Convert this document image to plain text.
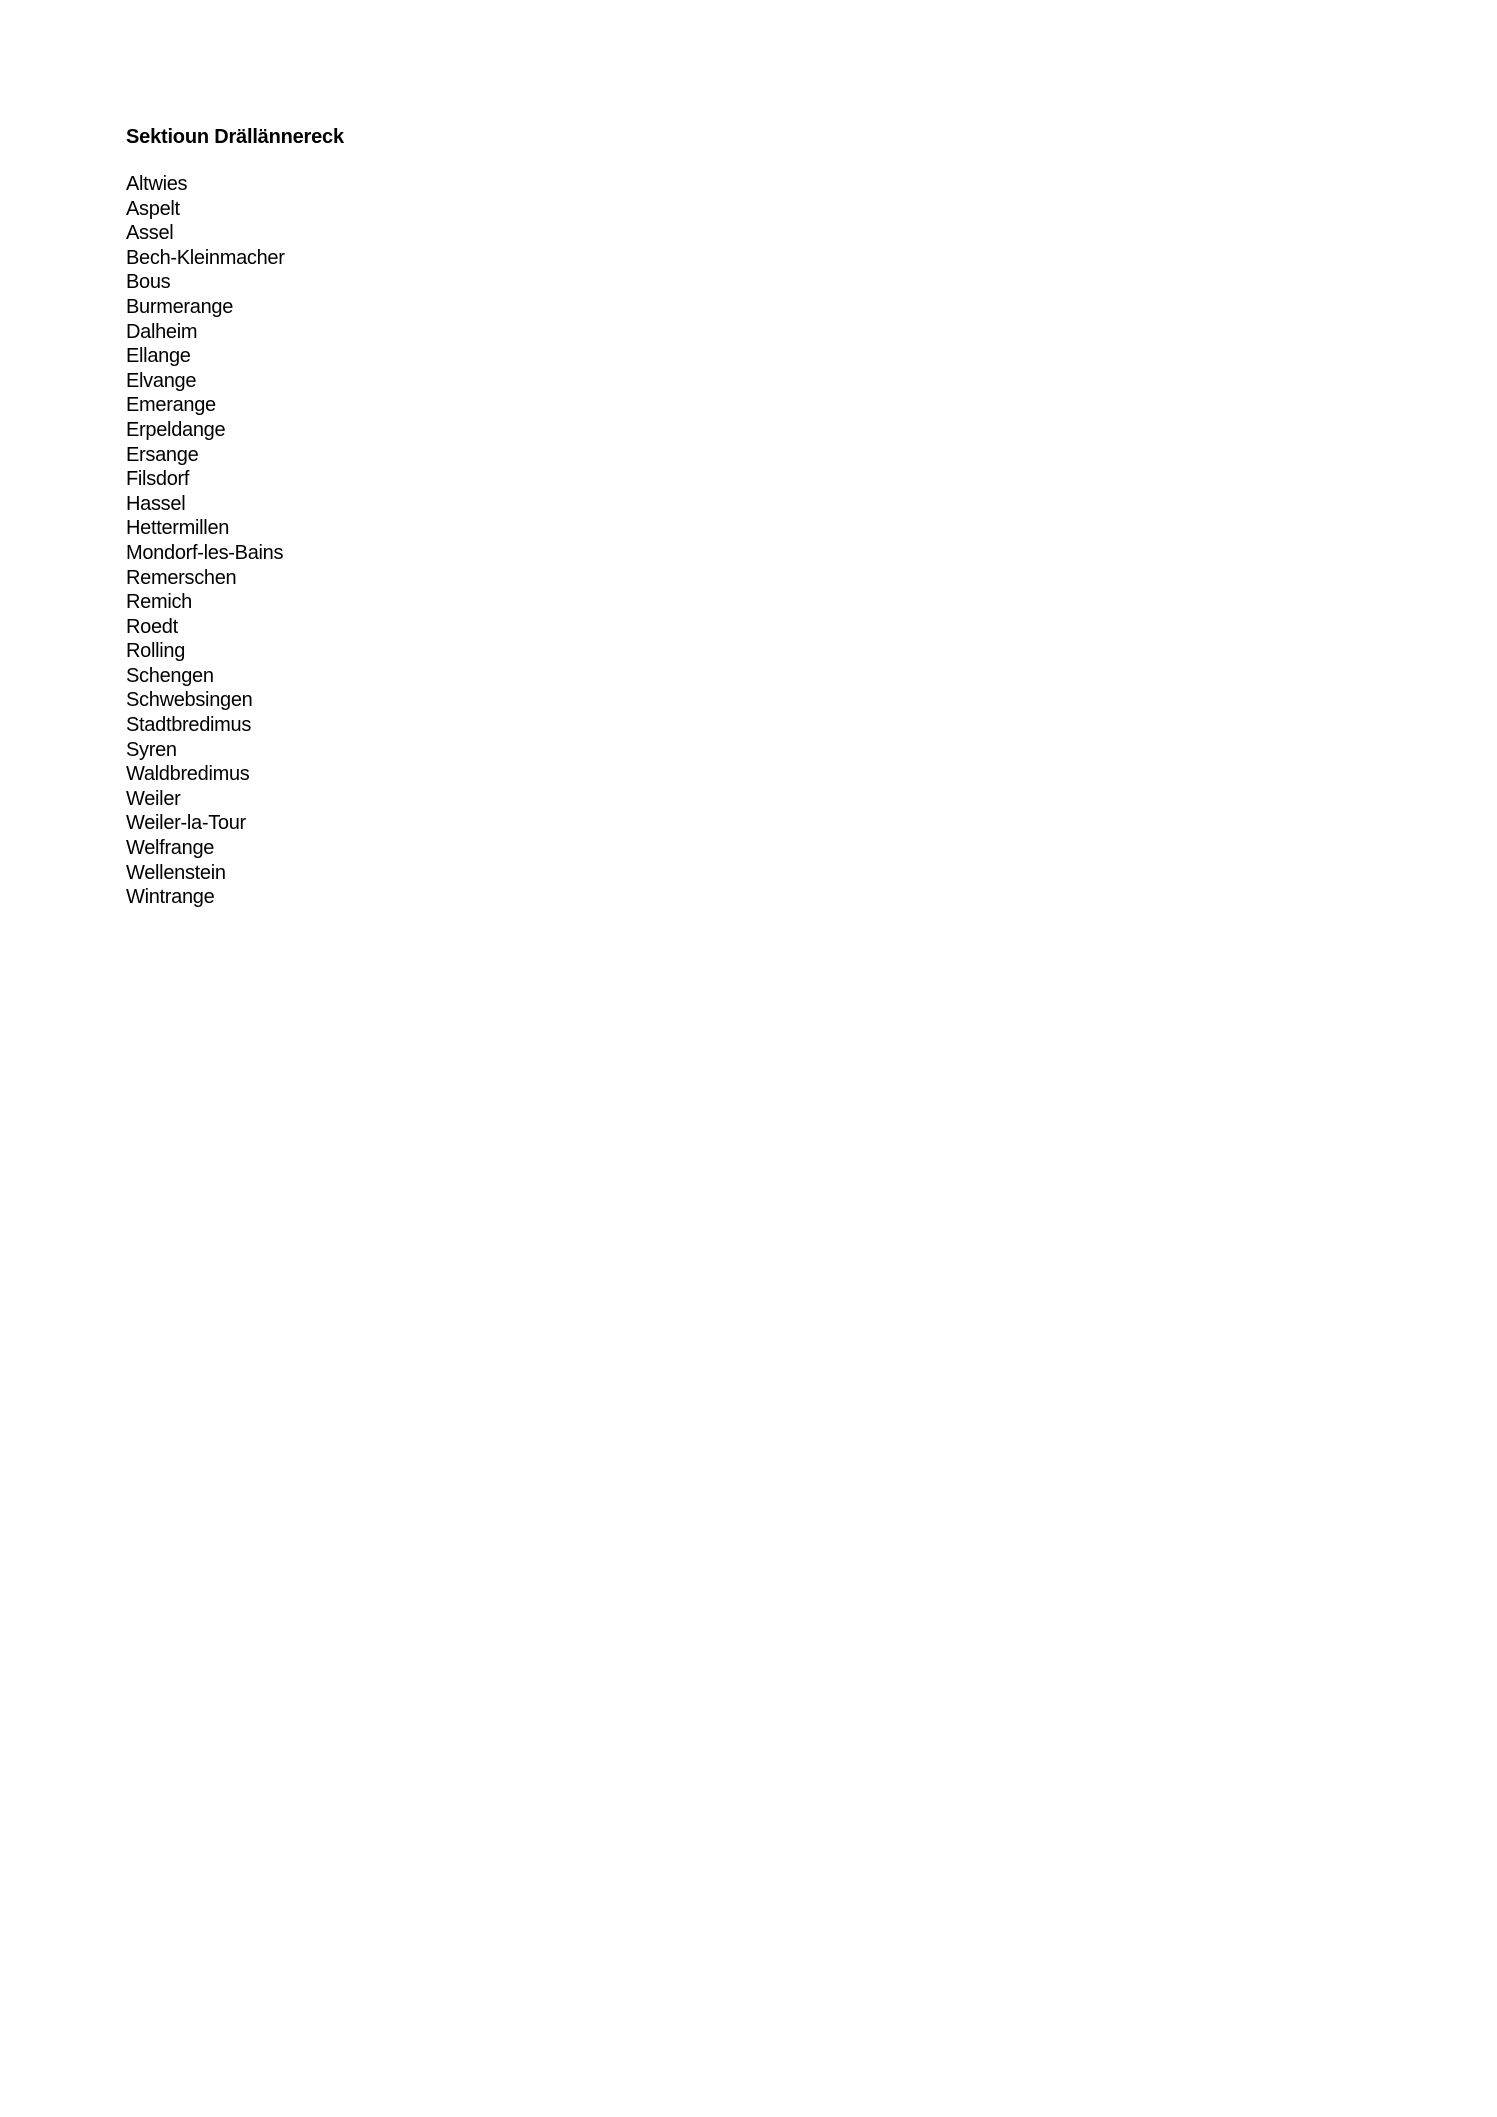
Sektioun Drällännereck
Altwies
Aspelt
Assel
Bech-Kleinmacher
Bous
Burmerange
Dalheim
Ellange
Elvange
Emerange
Erpeldange
Ersange
Filsdorf
Hassel
Hettermillen
Mondorf-les-Bains
Remerschen
Remich
Roedt
Rolling
Schengen
Schwebsingen
Stadtbredimus
Syren
Waldbredimus
Weiler
Weiler-la-Tour
Welfrange
Wellenstein
Wintrange
